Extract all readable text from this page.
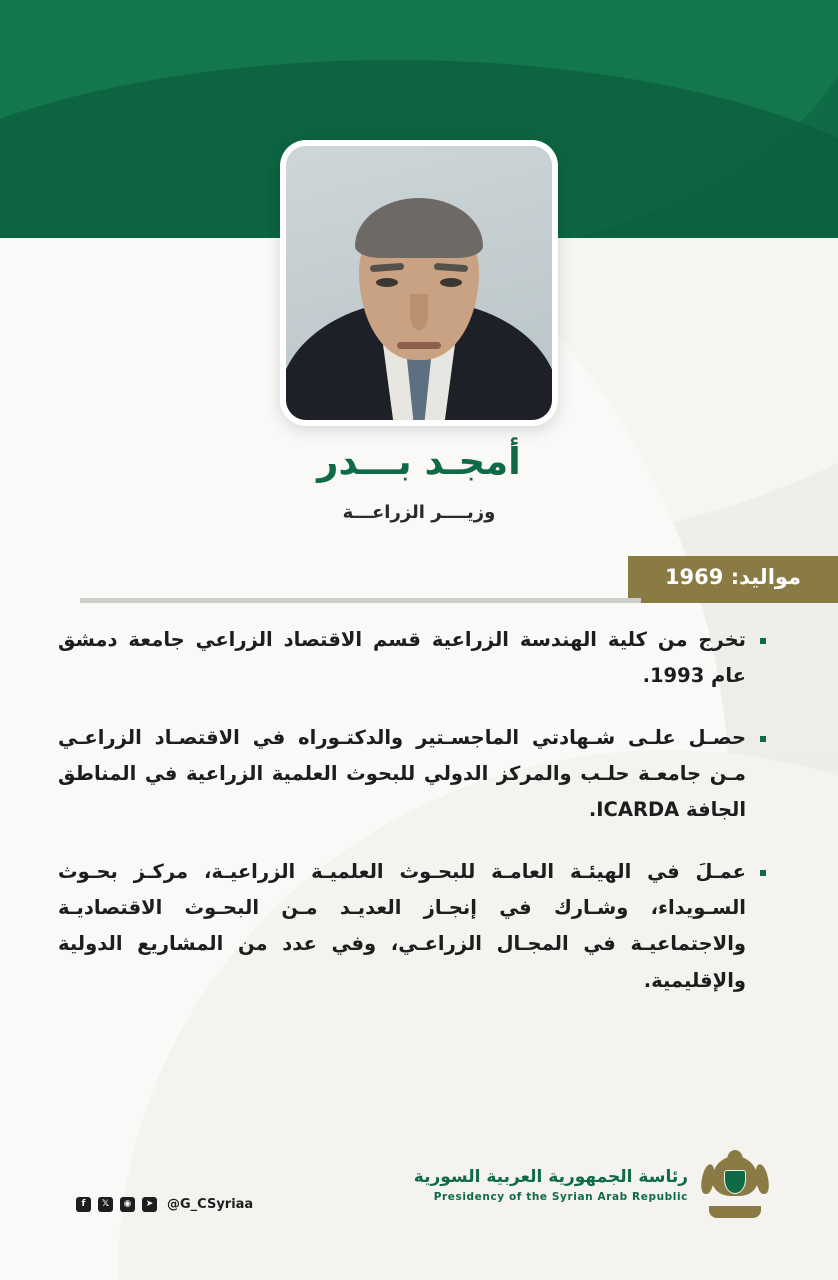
أمجـد بـــدر
وزيــــر الزراعـــة
مواليد: 1969
تخرج من كلية الهندسة الزراعية قسم الاقتصاد الزراعي جامعة دمشق عام 1993.
حصـل علـى شـهادتي الماجسـتير والدكتـوراه في الاقتصـاد الزراعـي مـن جامعـة حلـب والمركز الدولي للبحوث العلمية الزراعية في المناطق الجافة ICARDA.
عمـلَ في الهيئـة العامـة للبحـوث العلميـة الزراعيـة، مركـز بحـوث السـويداء، وشـارك في إنجـاز العديـد مـن البحـوث الاقتصاديـة والاجتماعيـة في المجـال الزراعـي، وفي عدد من المشاريع الدولية والإقليمية.
f	𝕏	◉	➤ @G_CSyriaa
رئاسة الجمهورية العربية السورية
Presidency of the Syrian Arab Republic
